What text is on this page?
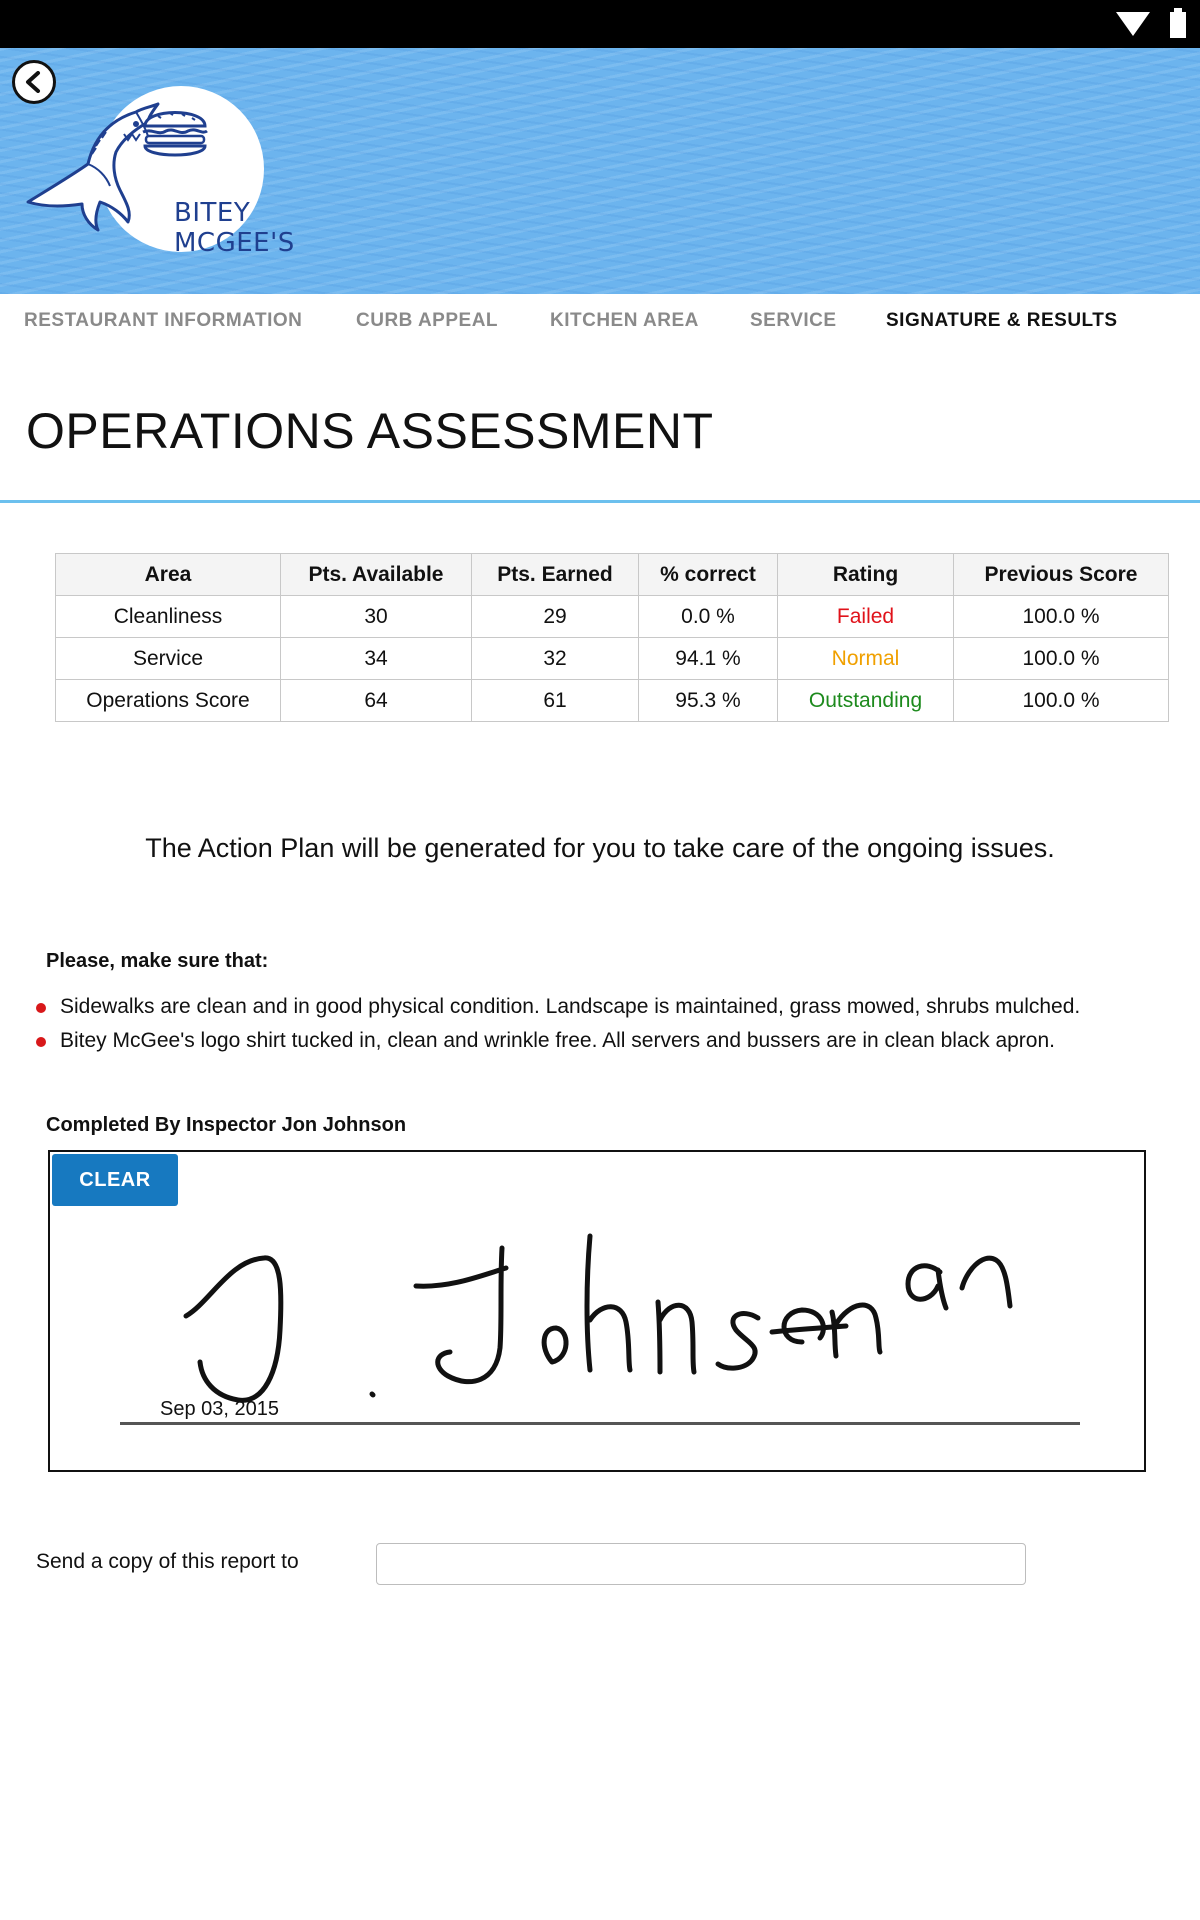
BITEY
MCGEE'S
RESTAURANT INFORMATION	CURB APPEAL	KITCHEN AREA	SERVICE	SIGNATURE & RESULTS
OPERATIONS ASSESSMENT
Area	Pts. Available	Pts. Earned	% correct	Rating	Previous Score
Cleanliness	30	29	0.0 %	Failed	100.0 %
Service	34	32	94.1 %	Normal	100.0 %
Operations Score	64	61	95.3 %	Outstanding	100.0 %

The Action Plan will be generated for you to take care of the ongoing issues.

Please, make sure that:
Sidewalks are clean and in good physical condition. Landscape is maintained, grass mowed, shrubs mulched.
Bitey McGee's logo shirt tucked in, clean and wrinkle free. All servers and bussers are in clean black apron.
Completed By Inspector Jon Johnson
CLEAR
Sep 03, 2015
Send a copy of this report to
